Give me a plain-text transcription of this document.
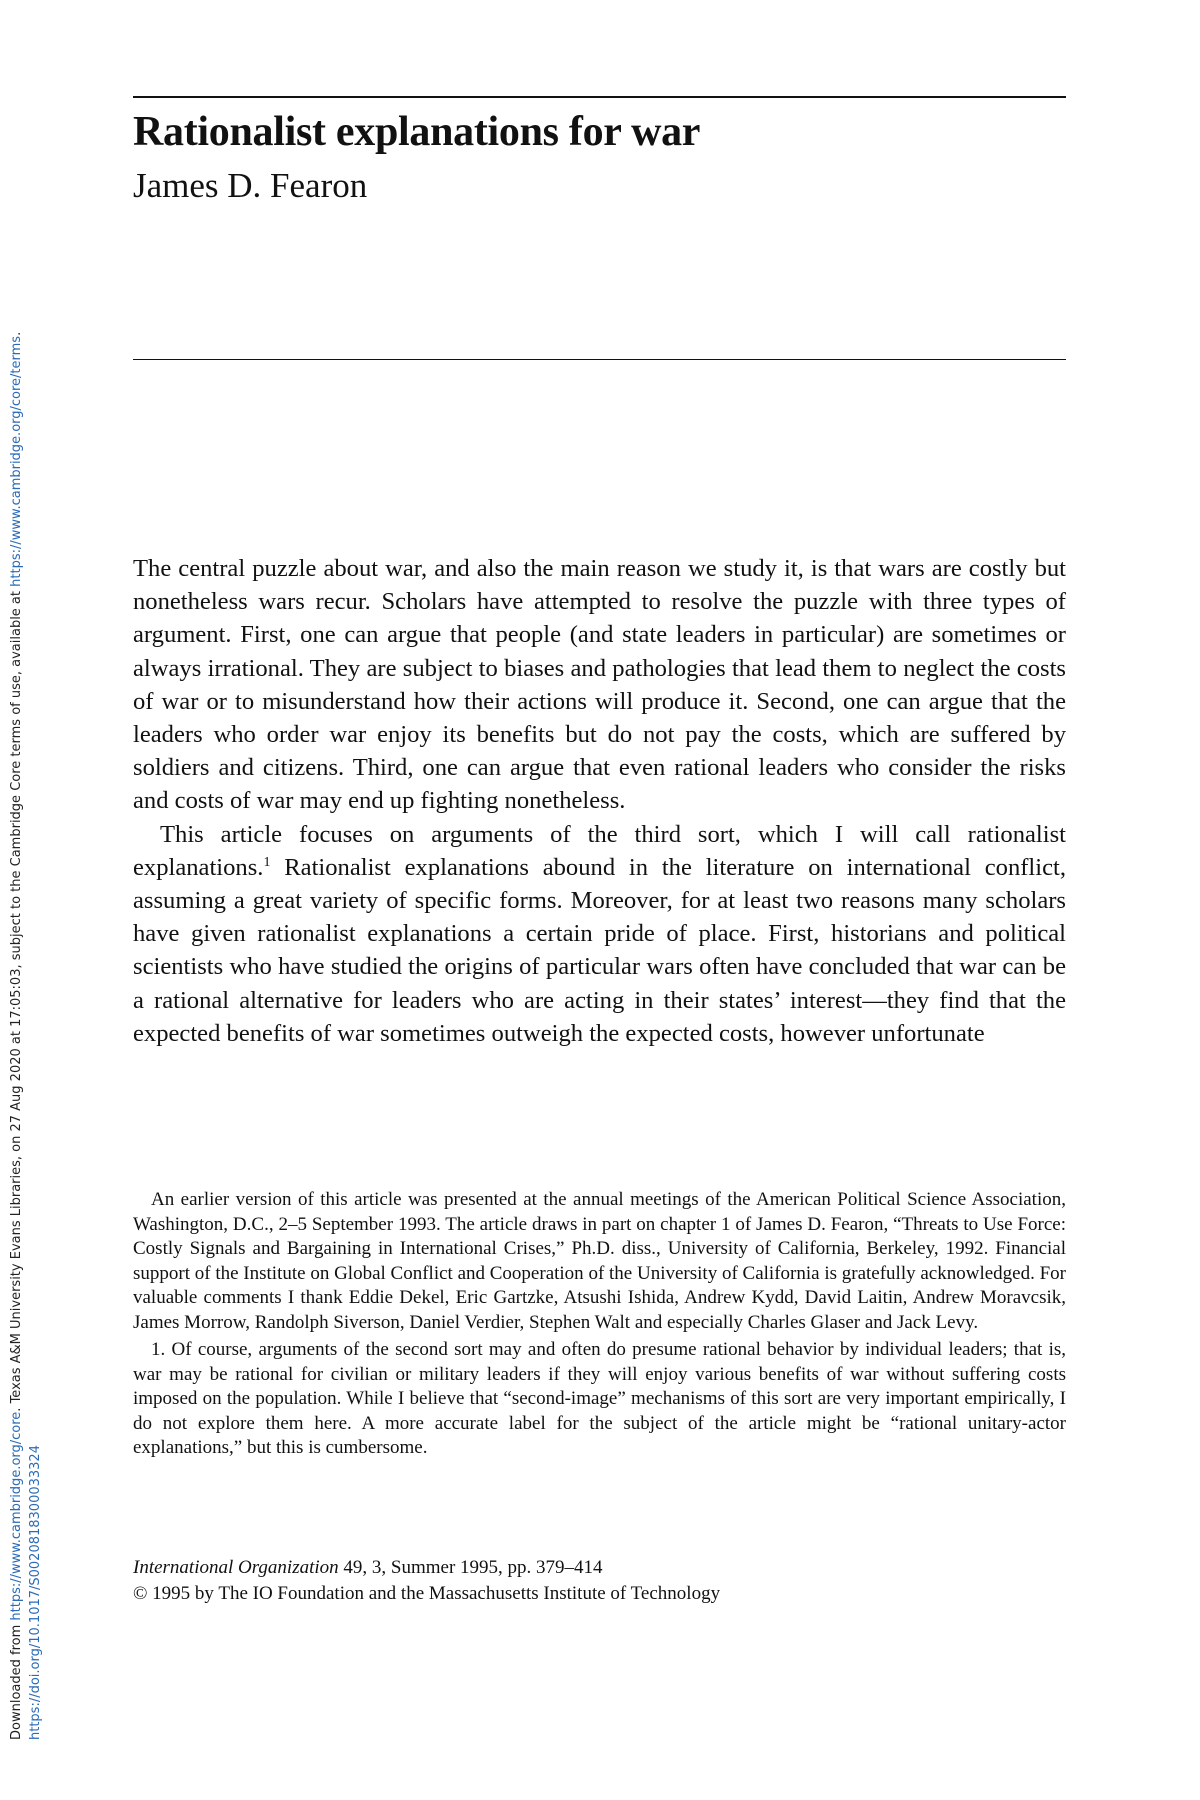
Downloaded from https://www.cambridge.org/core. Texas A&M University Evans Libraries, on 27 Aug 2020 at 17:05:03, subject to the Cambridge Core terms of use, available at https://www.cambridge.org/core/terms.
https://doi.org/10.1017/S0020818300033324
Rationalist explanations for war
James D. Fearon

The central puzzle about war, and also the main reason we study it, is that wars are costly but nonetheless wars recur. Scholars have attempted to resolve the puzzle with three types of argument. First, one can argue that people (and state leaders in particular) are sometimes or always irrational. They are subject to biases and pathologies that lead them to neglect the costs of war or to misunderstand how their actions will produce it. Second, one can argue that the leaders who order war enjoy its benefits but do not pay the costs, which are suffered by soldiers and citizens. Third, one can argue that even rational leaders who consider the risks and costs of war may end up fighting nonetheless.

This article focuses on arguments of the third sort, which I will call rationalist explanations.$^1$ Rationalist explanations abound in the literature on international conflict, assuming a great variety of specific forms. Moreover, for at least two reasons many scholars have given rationalist explanations a certain pride of place. First, historians and political scientists who have studied the origins of particular wars often have concluded that war can be a rational alternative for leaders who are acting in their states’ interest—they find that the expected benefits of war sometimes outweigh the expected costs, however unfortunate

An earlier version of this article was presented at the annual meetings of the American Political Science Association, Washington, D.C., 2–5 September 1993. The article draws in part on chapter 1 of James D. Fearon, “Threats to Use Force: Costly Signals and Bargaining in International Crises,” Ph.D. diss., University of California, Berkeley, 1992. Financial support of the Institute on Global Conflict and Cooperation of the University of California is gratefully acknowledged. For valuable comments I thank Eddie Dekel, Eric Gartzke, Atsushi Ishida, Andrew Kydd, David Laitin, Andrew Moravcsik, James Morrow, Randolph Siverson, Daniel Verdier, Stephen Walt and especially Charles Glaser and Jack Levy.

1. Of course, arguments of the second sort may and often do presume rational behavior by individual leaders; that is, war may be rational for civilian or military leaders if they will enjoy various benefits of war without suffering costs imposed on the population. While I believe that “second-image” mechanisms of this sort are very important empirically, I do not explore them here. A more accurate label for the subject of the article might be “rational unitary-actor explanations,” but this is cumbersome.

International Organization 49, 3, Summer 1995, pp. 379–414

© 1995 by The IO Foundation and the Massachusetts Institute of Technology
